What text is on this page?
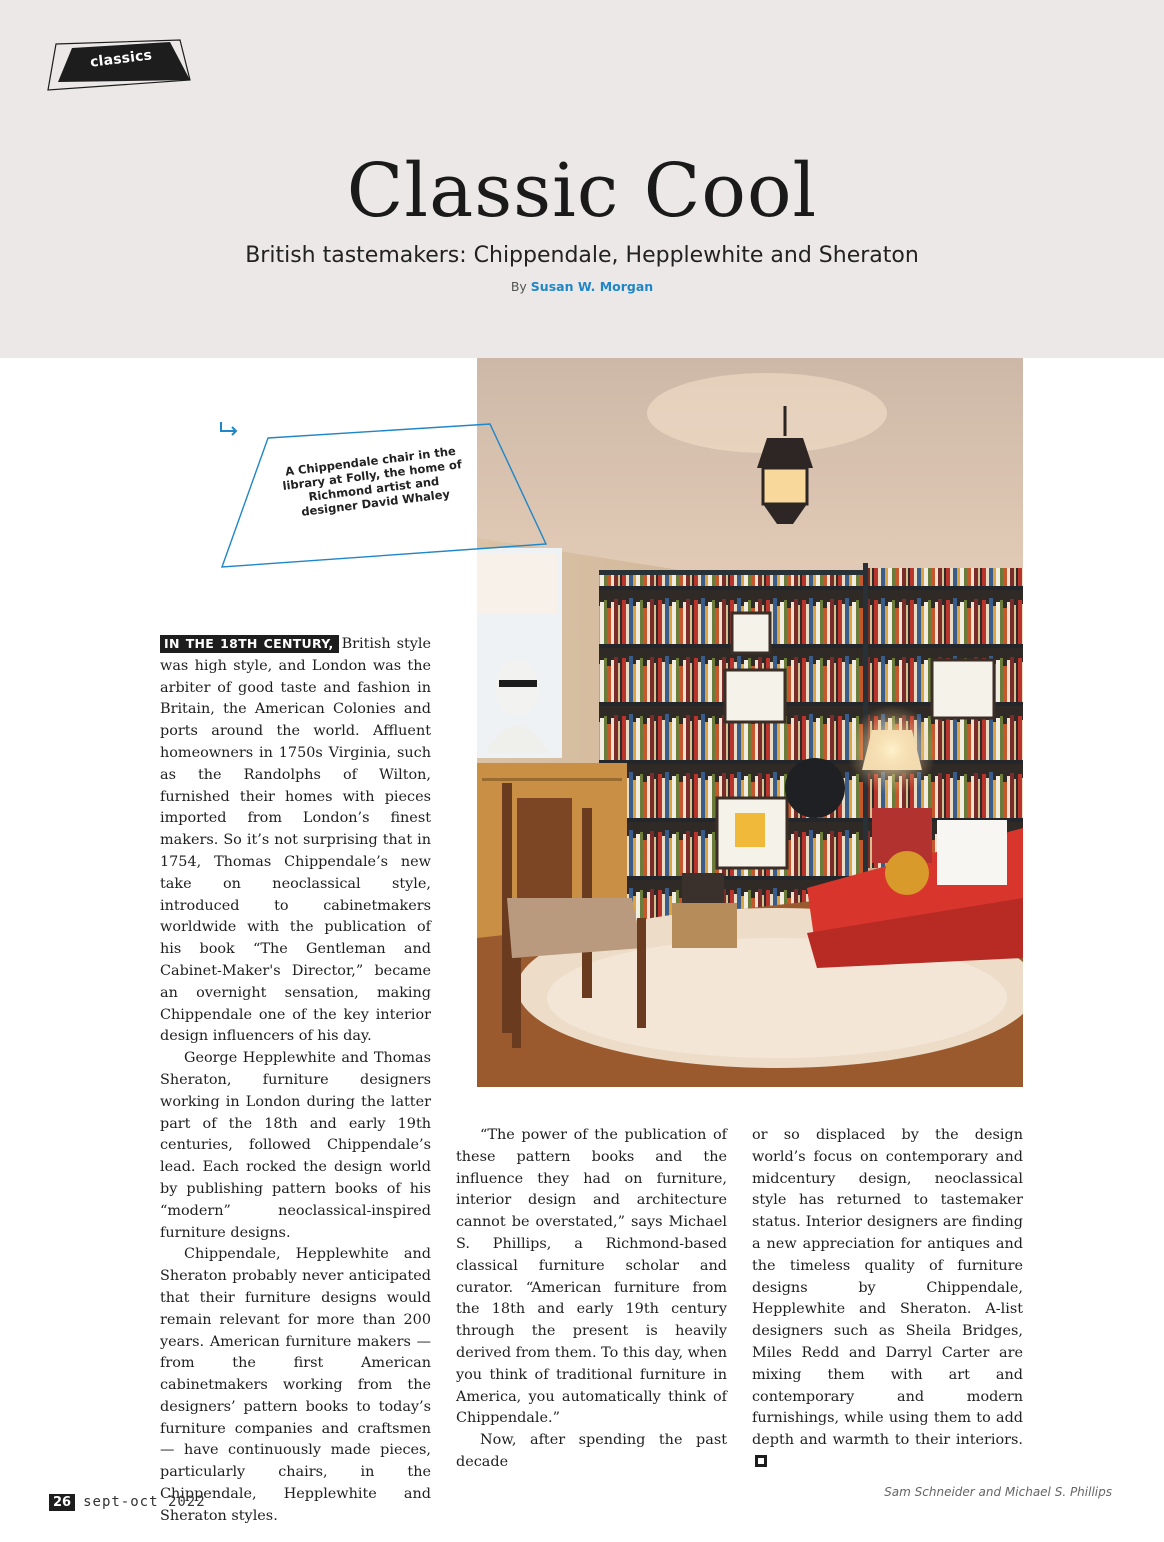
classics
Classic Cool
British tastemakers: Chippendale, Hepplewhite and Sheraton
By Susan W. Morgan
A Chippendale chair in the library at Folly, the home of Richmond artist and designer David Whaley

IN THE 18TH CENTURY, British style was high style, and London was the arbiter of good taste and fashion in Britain, the American Colonies and ports around the world. Affluent homeowners in 1750s Virginia, such as the Randolphs of Wilton, furnished their homes with pieces imported from London’s finest makers. So it’s not surprising that in 1754, Thomas Chippendale’s new take on neoclassical style, introduced to cabinetmakers worldwide with the publication of his book “The Gentleman and Cabinet-Maker's Director,” became an overnight sensation, making Chippendale one of the key interior design influencers of his day.

George Hepplewhite and Thomas Sheraton, furniture designers working in London during the latter part of the 18th and early 19th centuries, followed Chippendale’s lead. Each rocked the design world by publishing pattern books of his “modern” neoclassical-inspired furniture designs.

Chippendale, Hepplewhite and Sheraton probably never anticipated that their furniture designs would remain relevant for more than 200 years. American furniture makers — from the first American cabinetmakers working from the designers’ pattern books to today’s furniture companies and craftsmen — have continuously made pieces, particularly chairs, in the Chippendale, Hepplewhite and Sheraton styles.

“The power of the publication of these pattern books and the influence they had on furniture, interior design and architecture cannot be overstated,” says Michael S. Phillips, a Richmond-based classical furniture scholar and curator. “American furniture from the 18th and early 19th century through the present is heavily derived from them. To this day, when you think of traditional furniture in America, you automatically think of Chippendale.”

Now, after spending the past decade

or so displaced by the design world’s focus on contemporary and midcentury design, neoclassical style has returned to tastemaker status. Interior designers are finding a new appreciation for antiques and the timeless quality of furniture designs by Chippendale, Hepplewhite and Sheraton. A-list designers such as Sheila Bridges, Miles Redd and Darryl Carter are mixing them with art and contemporary and modern furnishings, while using them to add depth and warmth to their interiors.

26 sept-oct 2022
Sam Schneider and Michael S. Phillips
